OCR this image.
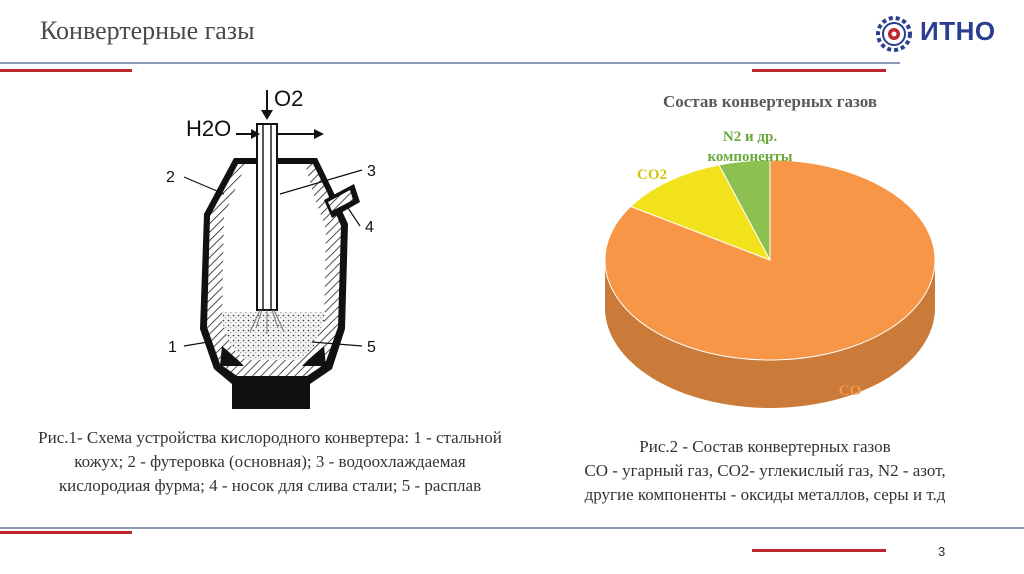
Конвертерные газы	ИТНО
O2
H2O
2	3
4
1	5
Рис.1- Схема устройства кислородного конвертера: 1 - стальной кожух; 2 - футеровка (основная); 3 - водоохлаждаемая кислородиая фурма; 4 - носок для слива стали; 5 - расплав
Состав конвертерных газов
CO
CO2
N2 и др.
компоненты
Рис.2 - Состав конвертерных газов
CO - угарный газ, CO2- углекислый газ, N2 - азот,
другие компоненты - оксиды металлов, серы и т.д
3
